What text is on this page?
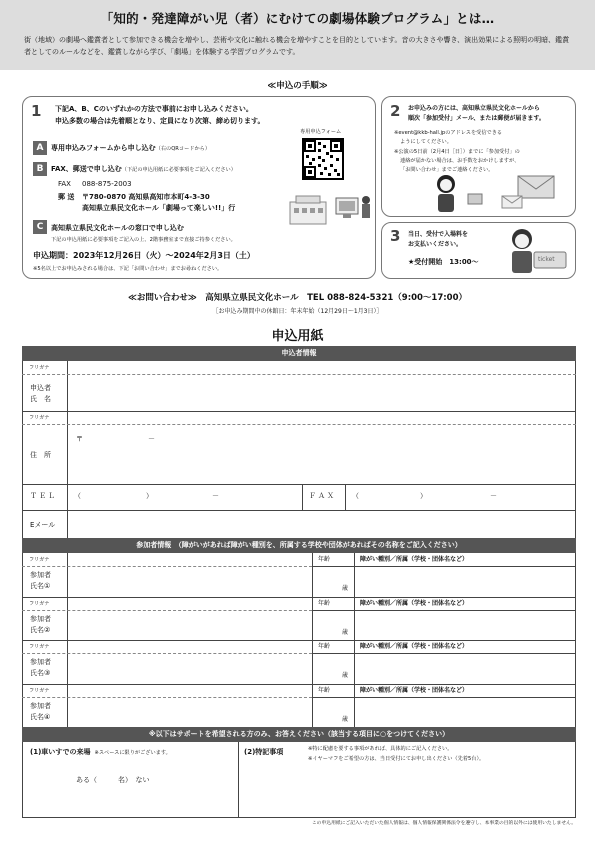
「知的・発達障がい児（者）にむけての劇場体験プログラム」とは…
街（地域）の劇場へ鑑賞者として参加できる機会を増やし、芸術や文化に触れる機会を増やすことを目的としています。音の大きさや響き、演出効果による照明の明暗、鑑賞者としてのルールなどを、鑑賞しながら学び、「劇場」を体験する学習プログラムです。
≪申込の手順≫
1 下記A、B、Cのいずれかの方法で事前にお申し込みください。
申込多数の場合は先着順となり、定員になり次第、締め切ります。
専用申込フォーム
A	専用申込みフォームから申し込む（右のQRコードから）
B	FAX、郵送で申し込む（下記の申込用紙に必要事項をご記入ください）
FAX 088-875-2003
郵 送 〒780-0870 高知県高知市本町4-3-30
高知県立県民文化ホール「劇場って楽しい!!」行
C	高知県立県民文化ホールの窓口で申し込む
下記の申込用紙に必要事項をご記入の上、2階事務室まで直接ご持参ください。
申込期間：2023年12月26日（火）～2024年2月3日（土）
※5名以上でお申込みされる場合は、下記「お問い合わせ」までお尋ねください。
2 お申込みの方には、高知県立県民文化ホールから
順次「参加受付」メール、または郵便が届きます。
※event@kkb-hall.jpのアドレスを受信できる
ようにしてください。
※公演の5日前（2月4日［日］）までに「参加受付」の
連絡が届かない場合は、お手数をおかけしますが、
「お問い合わせ」までご連絡ください。
3 当日、受付で入場料を
お支払いください。
★受付開始　13:00～	ticket
≪お問い合わせ≫　高知県立県民文化ホール　TEL 088-824-5321（9:00～17:00）
［お申込み期間中の休館日：年末年始（12月29日～1月3日）］
申込用紙
申込者情報
フリガナ
申込者
氏　名
フリガナ
住　所
〒	－
ＴＥＬ （	）	－	ＦＡＸ （	）	－
Eメール
参加者情報　（障がいがあれば障がい種別を、所属する学校や団体があればその名称をご記入ください）
フリガナ	年齢	障がい種別／所属（学校・団体名など）
参加者
氏名①	歳
フリガナ	年齢	障がい種別／所属（学校・団体名など）
参加者
氏名②	歳
フリガナ	年齢	障がい種別／所属（学校・団体名など）
参加者
氏名③	歳
フリガナ	年齢	障がい種別／所属（学校・団体名など）
参加者
氏名④	歳
※以下はサポートを希望される方のみ、お答えください（該当する項目に○をつけてください）
(1)車いすでの来場 ※スペースに限りがございます。
ある（　　　名）　ない
(2)特記事項	※特に配慮を要する事項があれば、具体的にご記入ください。
※イヤーマフをご希望の方は、当日受付にてお申し出ください（先着5台）。
この申込用紙にご記入いただいた個人情報は、個人情報保護関係法令を遵守し、本事業の目的以外には使用いたしません。
